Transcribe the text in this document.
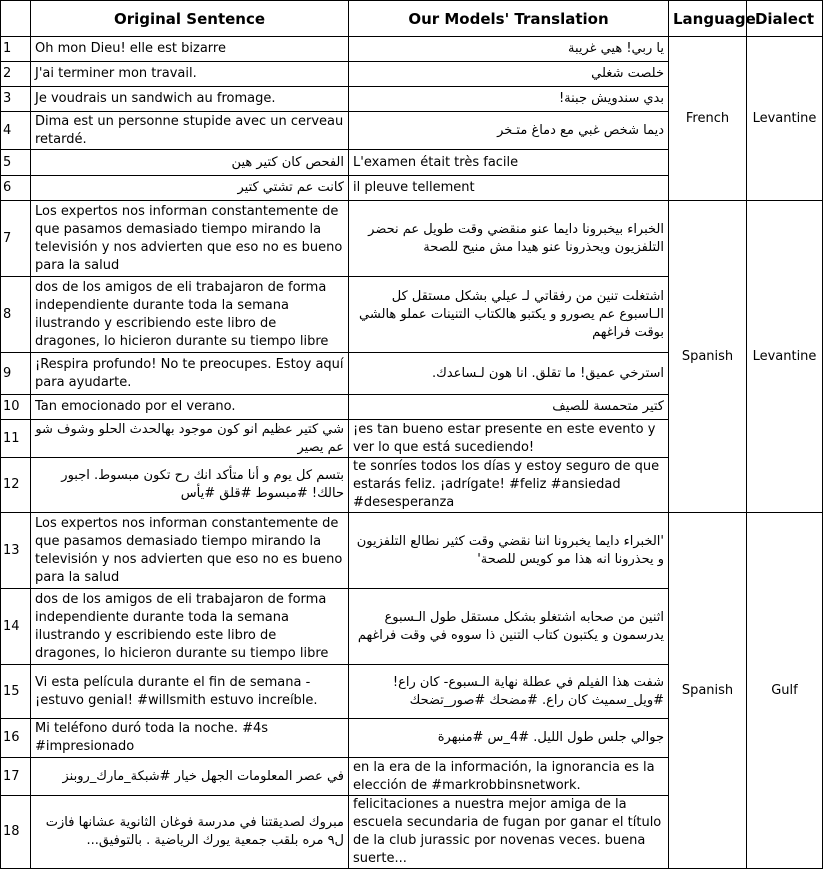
	Original Sentence	Our Models' Translation	Language	Dialect
1	Oh mon Dieu! elle est bizarre	يا ربي! هيي غريبة	French	Levantine
2	J'ai terminer mon travail.	خلصت شغلي		
3	Je voudrais un sandwich au fromage.	بدي سندويش جبنة!		
4	Dima est un personne stupide avec un cerveau retardé.	ديما شخص غبي مع دماغ متـخر		
5	الفحص كان كتير هين	L'examen était très facile		
6	كانت عم تشتي كتير	il pleuve tellement		
7	Los expertos nos informan constantemente de que pasamos demasiado tiempo mirando la televisión y nos advierten que eso no es bueno para la salud	الخبراء بيخبرونا دايما عنو منقضي وقت طويل عم نحضر التلفزيون ويحذرونا عنو هيدا مش منيح للصحة	Spanish	Levantine
8	dos de los amigos de eli trabajaron de forma independiente durante toda la semana ilustrando y escribiendo este libro de dragones, lo hicieron durante su tiempo libre	اشتغلت تنين من رفقاتي لـ عيلي بشكل مستقل كل الـاسبوع عم يصورو و يكتبو هالكتاب التنينات عملو هالشي بوقت فراغهم		
9	¡Respira profundo! No te preocupes. Estoy aquí para ayudarte.	استرخي عميق! ما تقلق. انا هون لـساعدك.		
10	Tan emocionado por el verano.	كتير متحمسة للصيف		
11	شي كتير عظيم انو كون موجود بهالحدث الحلو وشوف شو عم يصير	¡es tan bueno estar presente en este evento y ver lo que está sucediendo!		
12	بتسم كل يوم و أنا متأكد انك رح تكون مبسوط. اجبور حالك! #مبسوط #قلق #يأس	te sonríes todos los días y estoy seguro de que estarás feliz. ¡adrígate! #feliz #ansiedad #desesperanza		
13	Los expertos nos informan constantemente de que pasamos demasiado tiempo mirando la televisión y nos advierten que eso no es bueno para la salud	'الخبراء دايما يخبرونا اننا نقضي وقت كثير نطالع التلفزيون و يحذرونا انه هذا مو كويس للصحة'	Spanish	Gulf
14	dos de los amigos de eli trabajaron de forma independiente durante toda la semana ilustrando y escribiendo este libro de dragones, lo hicieron durante su tiempo libre	اثنين من صحابه اشتغلو بشكل مستقل طول الـسبوع يدرسمون و يكتبون كتاب التنين ذا سووه في وقت فراغهم		
15	Vi esta película durante el fin de semana - ¡estuvo genial! #willsmith estuvo increíble.	شفت هذا الفيلم في عطلة نهاية الـسبوع- كان راع! #ويل_سميث كان راع. #مضحك #صور_تضحك		
16	Mi teléfono duró toda la noche. #4s #impresionado	جوالي جلس طول الليل. #4_س #منبهرة		
17	في عصر المعلومات الجهل خيار #شبكة_مارك_روبنز	en la era de la información, la ignorancia es la elección de #markrobbinsnetwork.		
18	مبروك لصديقتنا في مدرسة فوغان الثانوية عشانها فازت ل٩ مره بلقب جمعية يورك الرياضية . بالتوفيق...	felicitaciones a nuestra mejor amiga de la escuela secundaria de fugan por ganar el título de la club jurassic por novenas veces. buena suerte...		
